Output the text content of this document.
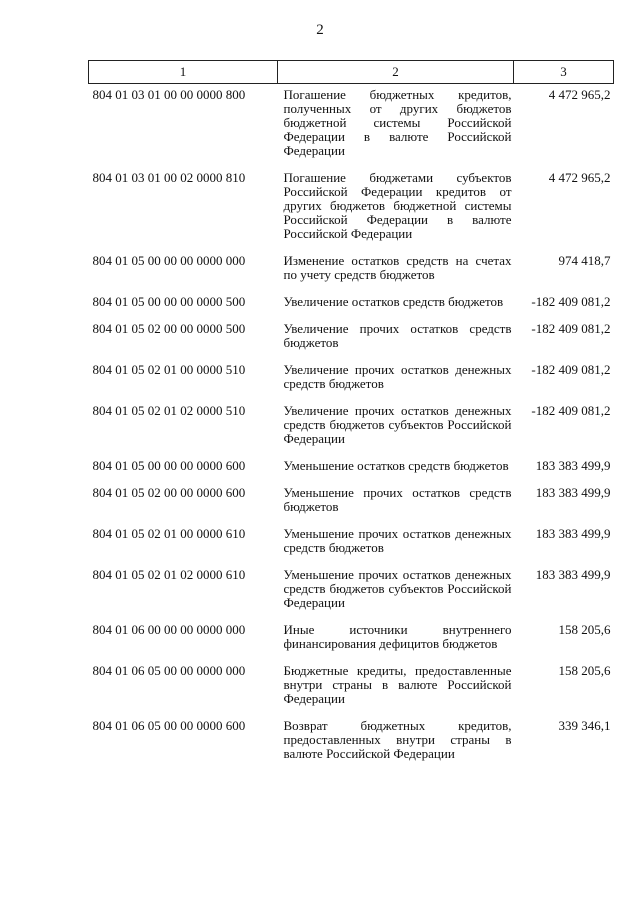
2
1	2	3
804 01 03 01 00 00 0000 800	Погашение бюджетных кредитов, полученных от других бюджетов бюджетной системы Российской Федерации в валюте Российской Федерации	4 472 965,2
804 01 03 01 00 02 0000 810	Погашение бюджетами субъектов Российской Федерации кредитов от других бюджетов бюджетной системы Российской Федерации в валюте Российской Федерации	4 472 965,2
804 01 05 00 00 00 0000 000	Изменение остатков средств на счетах по учету средств бюджетов	974 418,7
804 01 05 00 00 00 0000 500	Увеличение остатков средств бюджетов	-182 409 081,2
804 01 05 02 00 00 0000 500	Увеличение прочих остатков средств бюджетов	-182 409 081,2
804 01 05 02 01 00 0000 510	Увеличение прочих остатков денежных средств бюджетов	-182 409 081,2
804 01 05 02 01 02 0000 510	Увеличение прочих остатков денежных средств бюджетов субъектов Российской Федерации	-182 409 081,2
804 01 05 00 00 00 0000 600	Уменьшение остатков средств бюджетов	183 383 499,9
804 01 05 02 00 00 0000 600	Уменьшение прочих остатков средств бюджетов	183 383 499,9
804 01 05 02 01 00 0000 610	Уменьшение прочих остатков денежных средств бюджетов	183 383 499,9
804 01 05 02 01 02 0000 610	Уменьшение прочих остатков денежных средств бюджетов субъектов Российской Федерации	183 383 499,9
804 01 06 00 00 00 0000 000	Иные источники внутреннего финансирования дефицитов бюджетов	158 205,6
804 01 06 05 00 00 0000 000	Бюджетные кредиты, предоставленные внутри страны в валюте Российской Федерации	158 205,6
804 01 06 05 00 00 0000 600	Возврат бюджетных кредитов, предоставленных внутри страны в валюте Российской Федерации	339 346,1
